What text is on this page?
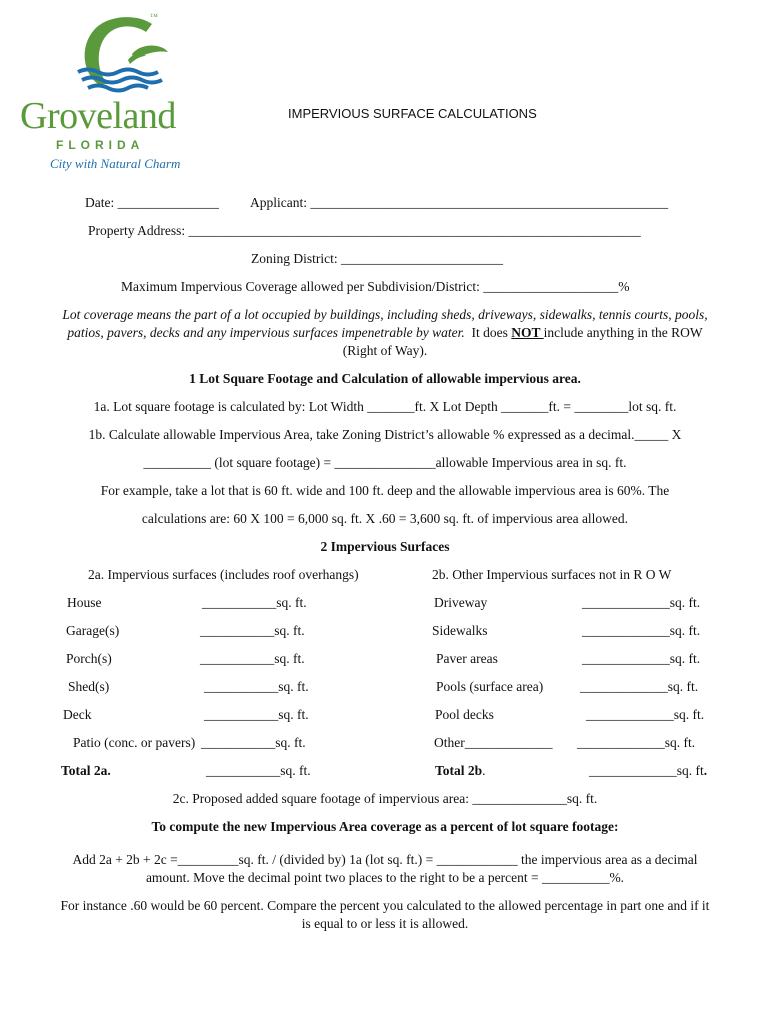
™
Groveland
FLORIDA
City with Natural Charm
IMPERVIOUS SURFACE CALCULATIONS
Date: _______________ Applicant: _____________________________________________________
Property Address: ___________________________________________________________________
Zoning District: ________________________
Maximum Impervious Coverage allowed per Subdivision/District: ____________________%
Lot coverage means the part of a lot occupied by buildings, including sheds, driveways, sidewalks, tennis courts, pools,
patios, pavers, decks and any impervious surfaces impenetrable by water.  It does NOT include anything in the ROW
(Right of Way).
1 Lot Square Footage and Calculation of allowable impervious area.
1a. Lot square footage is calculated by: Lot Width _______ft. X Lot Depth _______ft. = ________lot sq. ft.
1b. Calculate allowable Impervious Area, take Zoning District’s allowable % expressed as a decimal._____ X
__________ (lot square footage) = _______________allowable Impervious area in sq. ft.
For example, take a lot that is 60 ft. wide and 100 ft. deep and the allowable impervious area is 60%. The
calculations are: 60 X 100 = 6,000 sq. ft. X .60 = 3,600 sq. ft. of impervious area allowed.
2 Impervious Surfaces
2a. Impervious surfaces (includes roof overhangs)	2b. Other Impervious surfaces not in R O W
House	___________sq. ft.
Garage(s)	___________sq. ft.
Porch(s)	___________sq. ft.
Shed(s)	___________sq. ft.
Deck	___________sq. ft.
Patio (conc. or pavers) ___________sq. ft.
Total 2a.	___________sq. ft.
Driveway	_____________sq. ft.
Sidewalks	_____________sq. ft.
Paver areas	_____________sq. ft.
Pools (surface area)	_____________sq. ft.
Pool decks	_____________sq. ft.
Other_____________ _____________sq. ft.
Total 2b.	_____________sq. ft.
2c. Proposed added square footage of impervious area: ______________sq. ft.
To compute the new Impervious Area coverage as a percent of lot square footage:
Add 2a + 2b + 2c =_________sq. ft. / (divided by) 1a (lot sq. ft.) = ____________ the impervious area as a decimal
amount. Move the decimal point two places to the right to be a percent = __________%.
For instance .60 would be 60 percent. Compare the percent you calculated to the allowed percentage in part one and if it
is equal to or less it is allowed.
